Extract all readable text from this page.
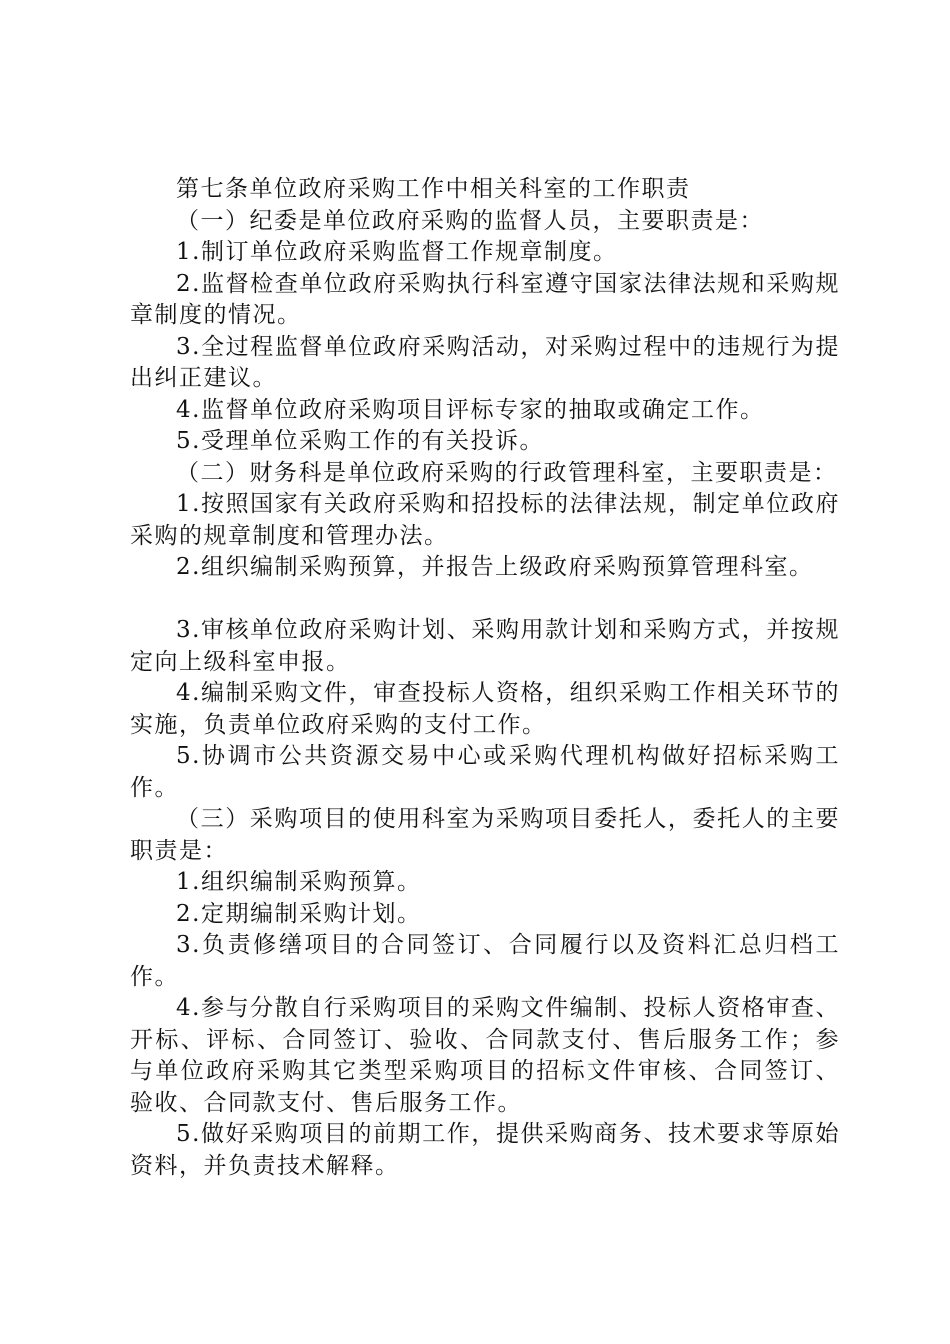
第七条单位政府采购工作中相关科室的工作职责

（一）纪委是单位政府采购的监督人员，主要职责是：

1.制订单位政府采购监督工作规章制度。

2.监督检查单位政府采购执行科室遵守国家法律法规和采购规章制度的情况。

3.全过程监督单位政府采购活动，对采购过程中的违规行为提出纠正建议。

4.监督单位政府采购项目评标专家的抽取或确定工作。

5.受理单位采购工作的有关投诉。

（二）财务科是单位政府采购的行政管理科室，主要职责是：

1.按照国家有关政府采购和招投标的法律法规，制定单位政府采购的规章制度和管理办法。

2.组织编制采购预算，并报告上级政府采购预算管理科室。

3.审核单位政府采购计划、采购用款计划和采购方式，并按规定向上级科室申报。

4.编制采购文件，审查投标人资格，组织采购工作相关环节的实施，负责单位政府采购的支付工作。

5.协调市公共资源交易中心或采购代理机构做好招标采购工作。

（三）采购项目的使用科室为采购项目委托人，委托人的主要职责是：

1.组织编制采购预算。

2.定期编制采购计划。

3.负责修缮项目的合同签订、合同履行以及资料汇总归档工作。

4.参与分散自行采购项目的采购文件编制、投标人资格审查、开标、评标、合同签订、验收、合同款支付、售后服务工作；参与单位政府采购其它类型采购项目的招标文件审核、合同签订、验收、合同款支付、售后服务工作。

5.做好采购项目的前期工作，提供采购商务、技术要求等原始资料，并负责技术解释。
